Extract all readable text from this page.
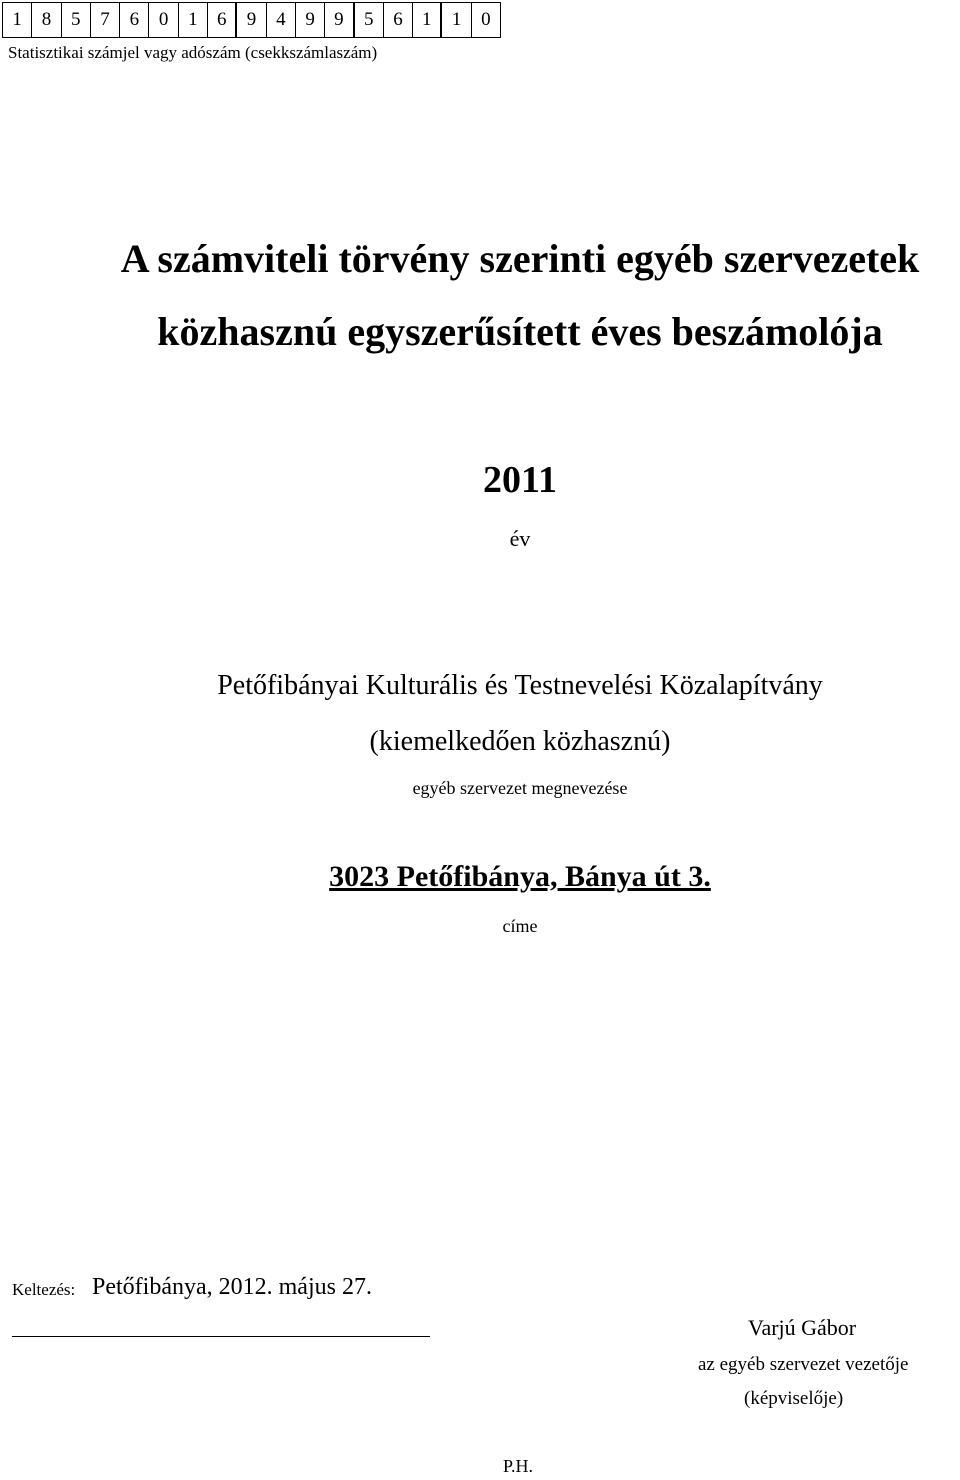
1	8	5	7	6	0	1	6	9	4	9	9	5	6	1	1	0
Statisztikai számjel vagy adószám (csekkszámlaszám)
A számviteli törvény szerinti egyéb szervezetek
közhasznú egyszerűsített éves beszámolója
2011
év
Petőfibányai Kulturális és Testnevelési Közalapítvány
(kiemelkedően közhasznú)
egyéb szervezet megnevezése
3023 Petőfibánya, Bánya út 3.
címe
Keltezés: Petőfibánya, 2012. május 27.
Varjú Gábor
az egyéb szervezet vezetője
(képviselője)
P.H.
